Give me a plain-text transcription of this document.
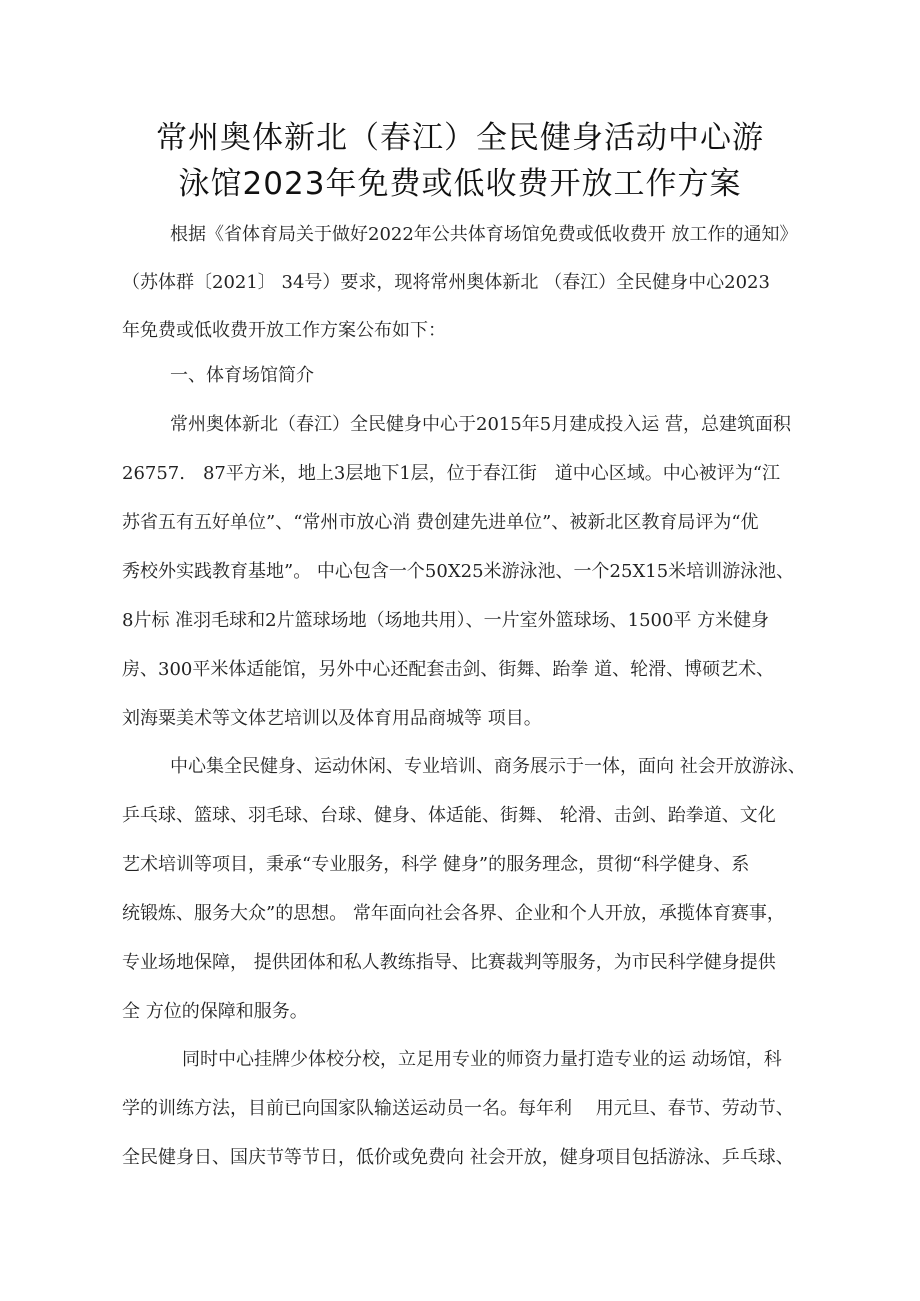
常州奥体新北（春江）全民健身活动中心游
泳馆2023年免费或低收费开放工作方案
根据《省体育局关于做好2022年公共体育场馆免费或低收费开 放工作的通知》
（苏体群〔2021〕 34号）要求，现将常州奥体新北 （春江）全民健身中心2023
年免费或低收费开放工作方案公布如下：
一、体育场馆简介
常州奥体新北（春江）全民健身中心于2015年5月建成投入运 营，总建筑面积
26757.　87平方米，地上3层地下1层，位于春江街　道中心区域。中心被评为“江
苏省五有五好单位”、“常州市放心消 费创建先进单位”、被新北区教育局评为“优
秀校外实践教育基地”。 中心包含一个50X25米游泳池、一个25X15米培训游泳池、
8片标 准羽毛球和2片篮球场地（场地共用）、一片室外篮球场、1500平 方米健身
房、300平米体适能馆，另外中心还配套击剑、街舞、跆拳 道、轮滑、博硕艺术、
刘海粟美术等文体艺培训以及体育用品商城等 项目。
中心集全民健身、运动休闲、专业培训、商务展示于一体，面向 社会开放游泳、
乒乓球、篮球、羽毛球、台球、健身、体适能、街舞、 轮滑、击剑、跆拳道、文化
艺术培训等项目，秉承“专业服务，科学 健身”的服务理念，贯彻“科学健身、系
统锻炼、服务大众”的思想。 常年面向社会各界、企业和个人开放，承揽体育赛事，
专业场地保障， 提供团体和私人教练指导、比赛裁判等服务，为市民科学健身提供
全 方位的保障和服务。
同时中心挂牌少体校分校，立足用专业的师资力量打造专业的运 动场馆，科
学的训练方法，目前已向国家队输送运动员一名。每年利　 用元旦、春节、劳动节、
全民健身日、国庆节等节日，低价或免费向 社会开放，健身项目包括游泳、乒乓球、
